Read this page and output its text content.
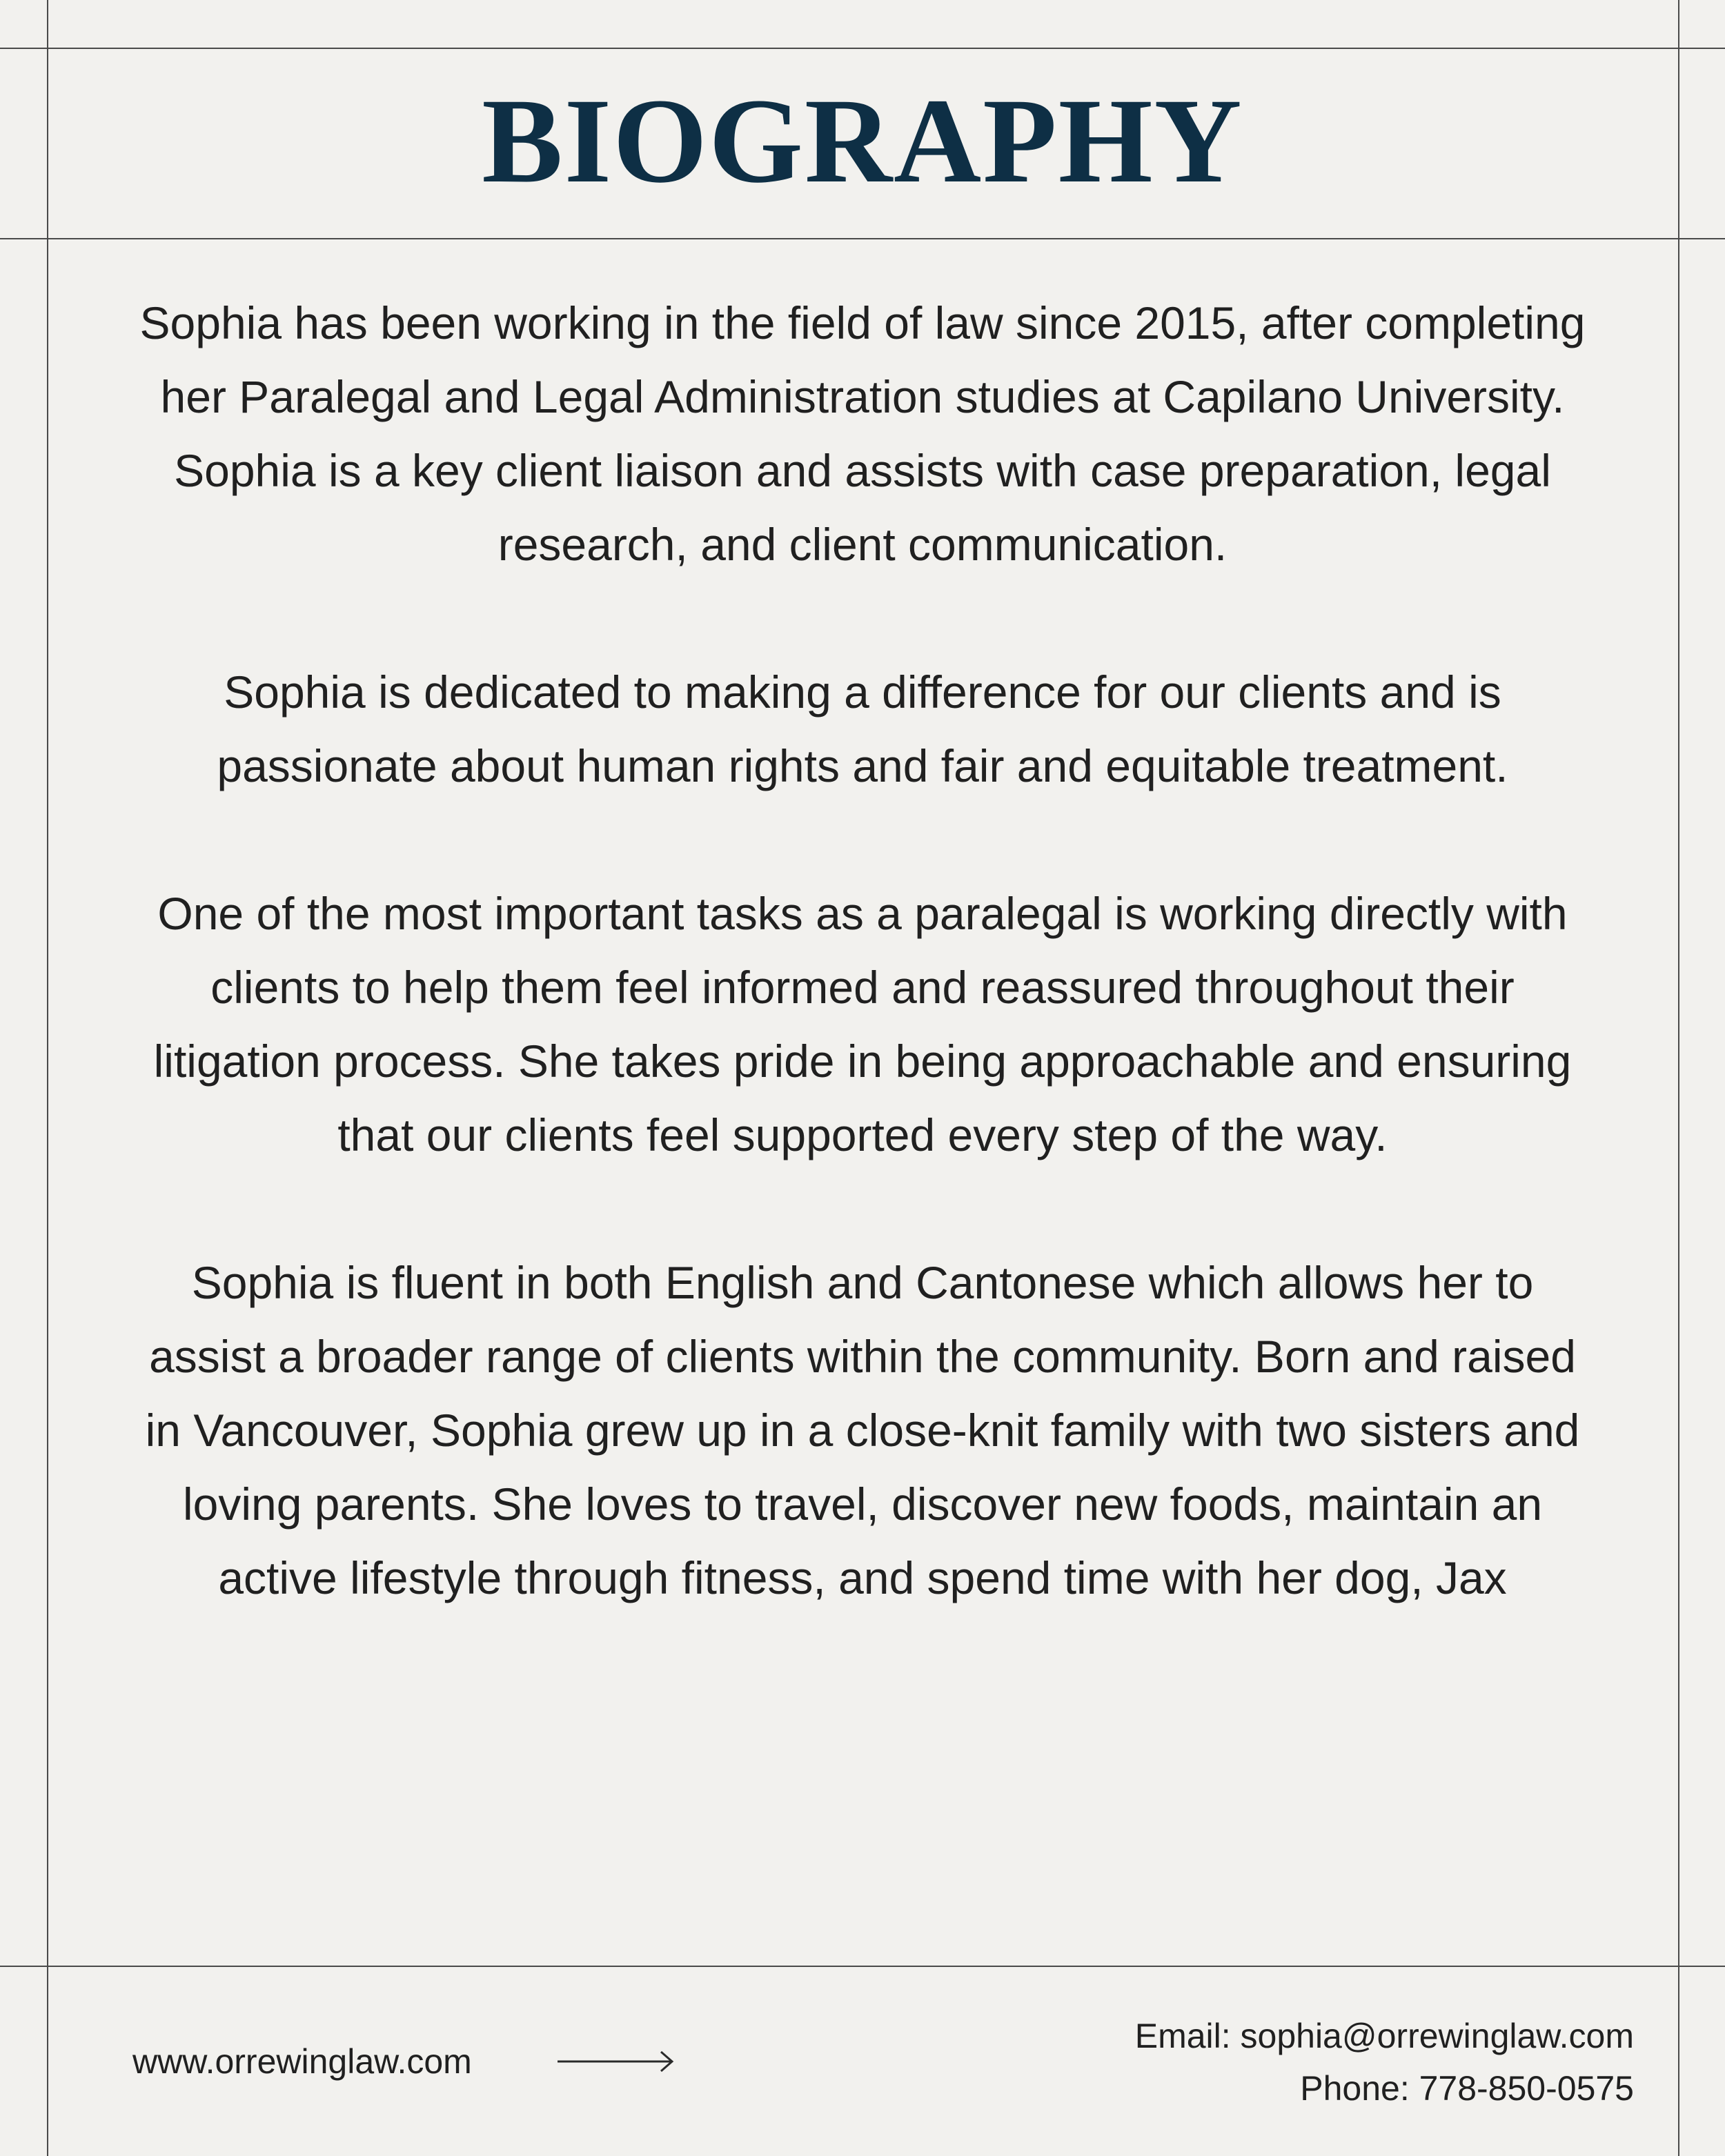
BIOGRAPHY

Sophia has been working in the field of law since 2015, after completing her Paralegal and Legal Administration studies at Capilano University. Sophia is a key client liaison and assists with case preparation, legal research, and client communication.

Sophia is dedicated to making a difference for our clients and is passionate about human rights and fair and equitable treatment.

One of the most important tasks as a paralegal is working directly with clients to help them feel informed and reassured throughout their litigation process. She takes pride in being approachable and ensuring that our clients feel supported every step of the way.

Sophia is fluent in both English and Cantonese which allows her to assist a broader range of clients within the community. Born and raised in Vancouver, Sophia grew up in a close-knit family with two sisters and loving parents. She loves to travel, discover new foods, maintain an active lifestyle through fitness, and spend time with her dog, Jax

www.orrewinglaw.com
Email: sophia@orrewinglaw.com
Phone: 778-850-0575
